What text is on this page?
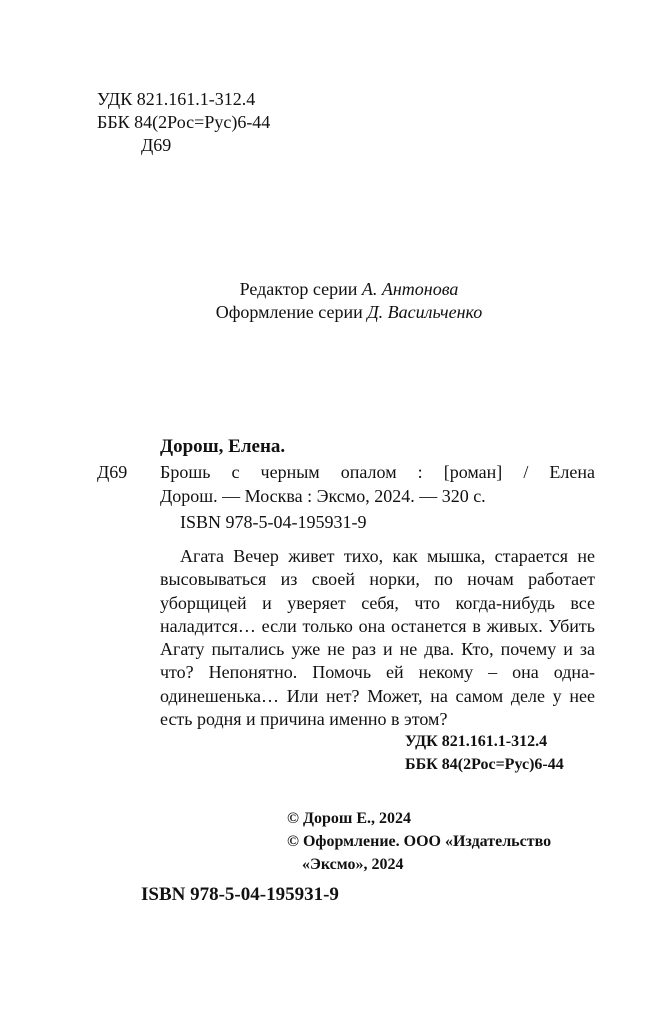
УДК 821.161.1-312.4
ББК 84(2Рос=Рус)6-44
Д69
Редактор серии А. Антонова
Оформление серии Д. Васильченко
Дорош, Елена.
Д69 Брошь с черным опалом : [роман] / Елена
Дорош. — Москва : Эксмо, 2024. — 320 с.
ISBN 978-5-04-195931-9
Агата Вечер живет тихо, как мышка, старается не высовываться из своей норки, по ночам работает уборщицей и уверяет себя, что когда-нибудь все наладится… если только она останется в живых. Убить Агату пытались уже не раз и не два. Кто, почему и за что? Непонятно. Помочь ей некому – она одна-одинешенька… Или нет? Может, на самом деле у нее есть родня и причина именно в этом?
УДК 821.161.1-312.4
ББК 84(2Рос=Рус)6-44
© Дорош Е., 2024
© Оформление. ООО «Издательство
«Эксмо», 2024
ISBN 978-5-04-195931-9
